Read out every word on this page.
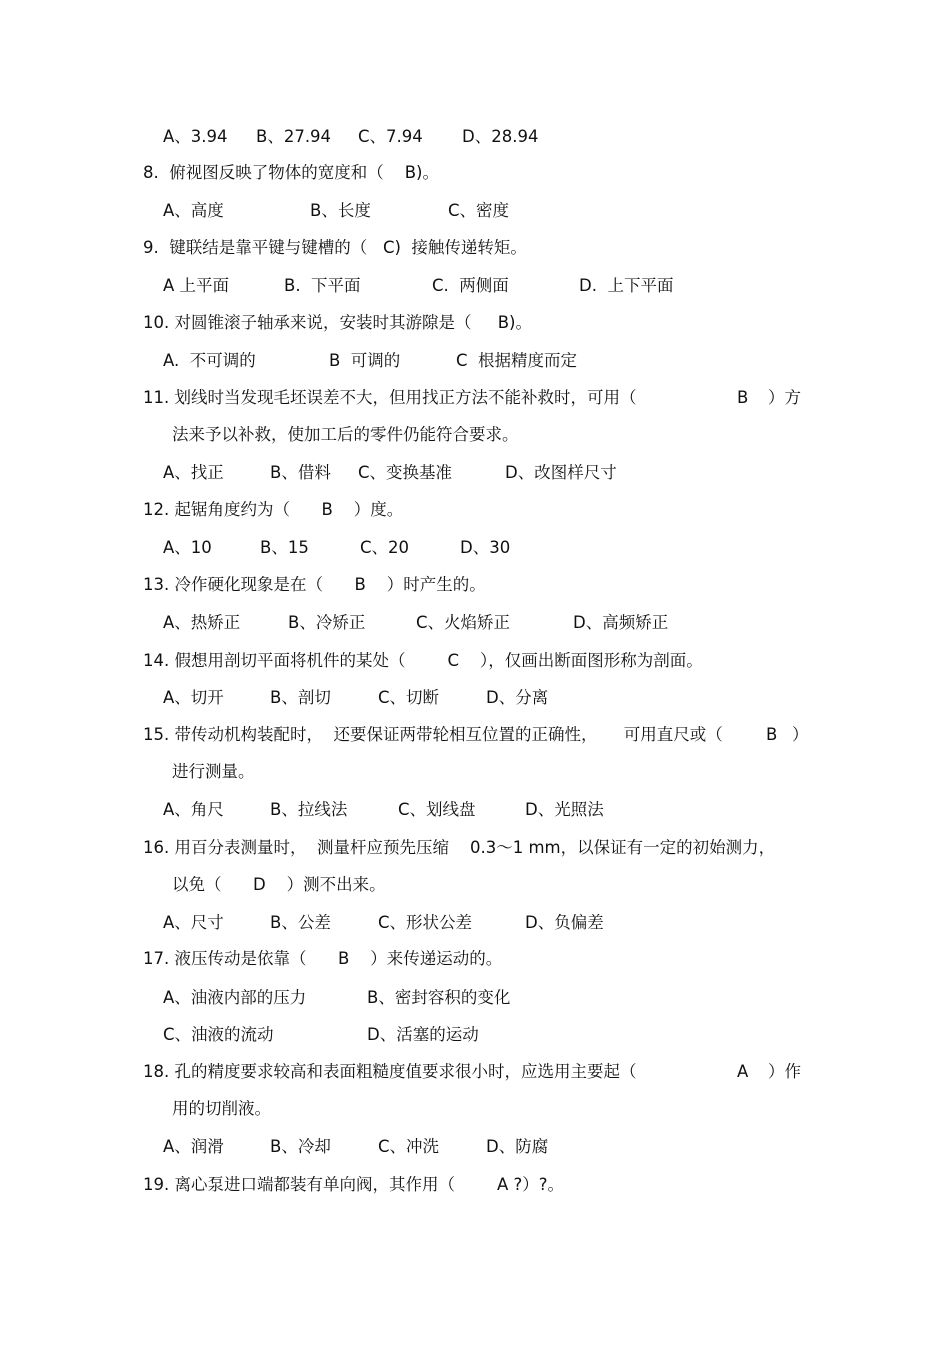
A、3.94 B、27.94 C、7.94 D、28.94
8.  俯视图反映了物体的宽度和（    B)。
A、高度	B、长度	C、密度
9.  键联结是靠平键与键槽的（   C)  接触传递转矩。
A 上平面	B.  下平面	C.  两侧面	D.  上下平面
10. 对圆锥滚子轴承来说，安装时其游隙是（     B)。
A.  不可调的	B  可调的	C  根据精度而定
11. 划线时当发现毛坯误差不大，但用找正方法不能补救时，可用（	B ）方
法来予以补救，使加工后的零件仍能符合要求。
A、找正	B、借料 C、变换基准	D、改图样尺寸
12. 起锯角度约为（      B    ）度。
A、10	B、15	C、20	D、30
13. 冷作硬化现象是在（      B    ）时产生的。
A、热矫正	B、冷矫正	C、火焰矫正	D、高频矫正
14. 假想用剖切平面将机件的某处（        C    ），仅画出断面图形称为剖面。
A、切开	B、剖切	C、切断	D、分离
15. 带传动机构装配时，  还要保证两带轮相互位置的正确性，     可用直尺或（	B ）
进行测量。
A、角尺	B、拉线法	C、划线盘	D、光照法
16. 用百分表测量时，  测量杆应预先压缩    0.3～1 mm，以保证有一定的初始测力，
以免（      D    ）测不出来。
A、尺寸	B、公差	C、形状公差	D、负偏差
17. 液压传动是依靠（      B    ）来传递运动的。
A、油液内部的压力	B、密封容积的变化
C、油液的流动	D、活塞的运动
18. 孔的精度要求较高和表面粗糙度值要求很小时，应选用主要起（	A ）作
用的切削液。
A、润滑	B、冷却	C、冲洗	D、防腐
19. 离心泵进口端都装有单向阀，其作用（        A ?）?。
